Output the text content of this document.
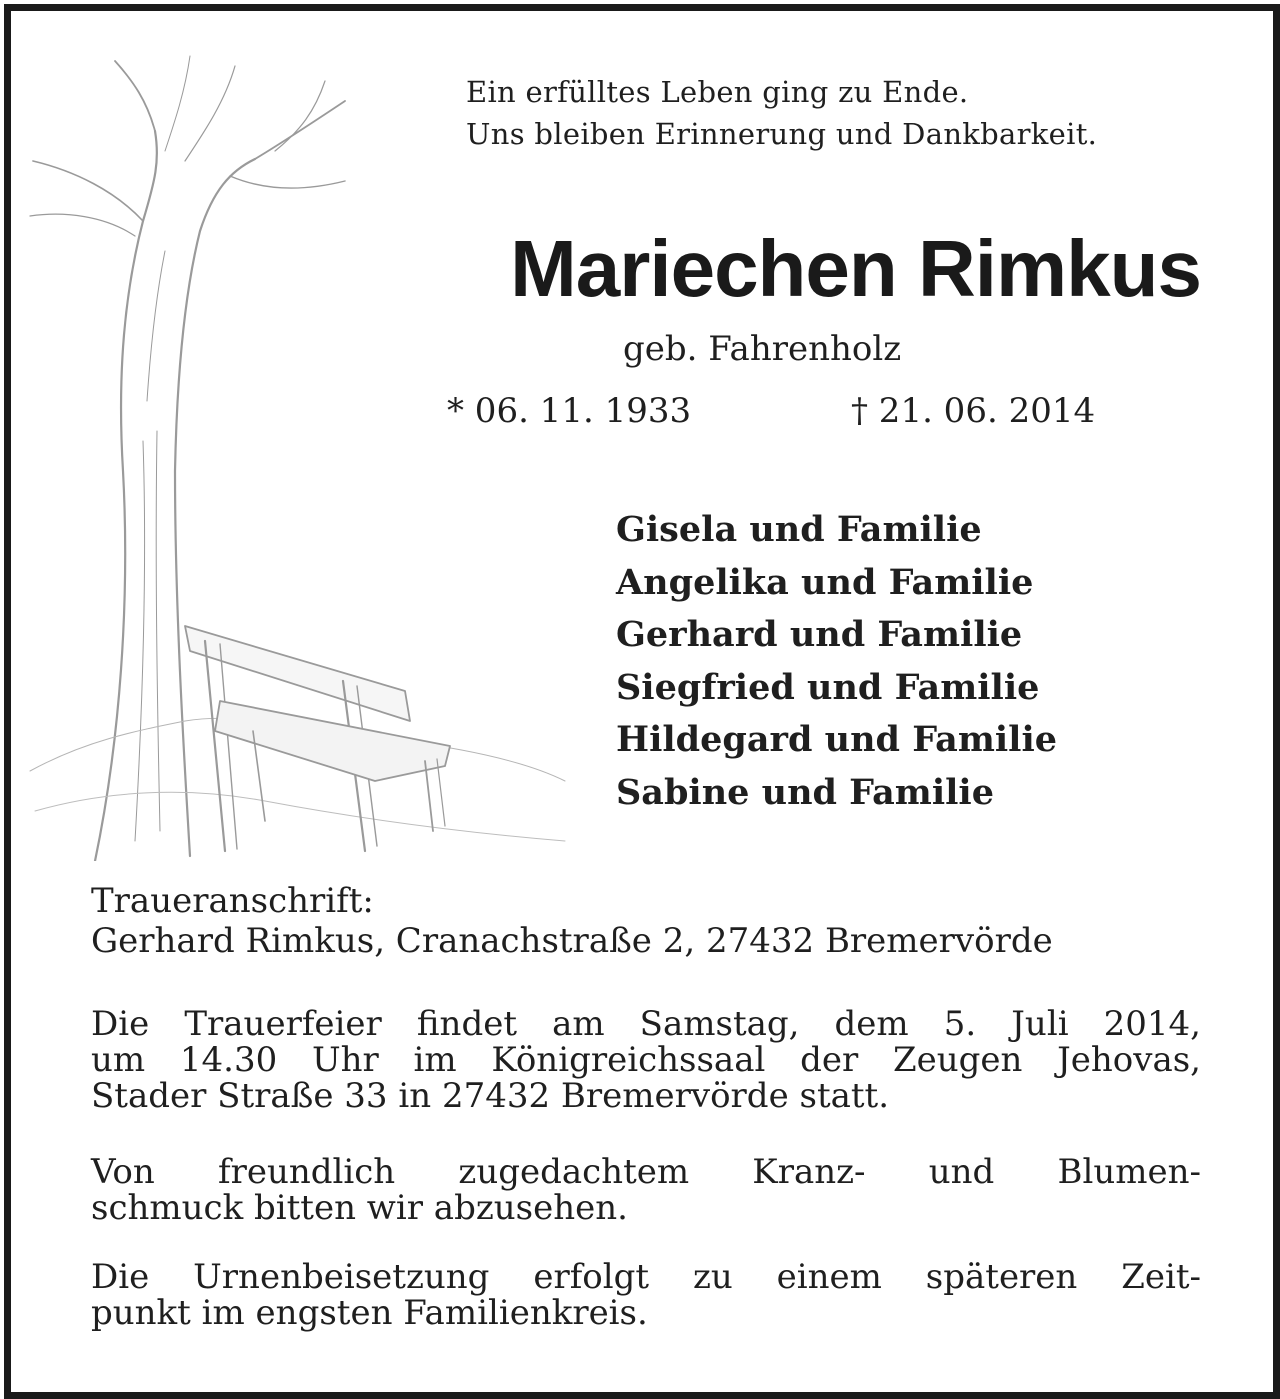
Ein erfülltes Leben ging zu Ende.
Uns bleiben Erinnerung und Dankbarkeit.
Mariechen Rimkus
geb. Fahrenholz
* 06. 11. 1933	† 21. 06. 2014
Gisela und Familie
Angelika und Familie
Gerhard und Familie
Siegfried und Familie
Hildegard und Familie
Sabine und Familie
Traueranschrift:
Gerhard Rimkus, Cranachstraße 2, 27432 Bremervörde

Die Trauerfeier findet am Samstag, dem 5. Juli 2014,
um 14.30 Uhr im Königreichssaal der Zeugen Jehovas,
Stader Straße 33 in 27432 Bremervörde statt.

Von freundlich zugedachtem Kranz- und Blumen-
schmuck bitten wir abzusehen.

Die Urnenbeisetzung erfolgt zu einem späteren Zeit-
punkt im engsten Familienkreis.
